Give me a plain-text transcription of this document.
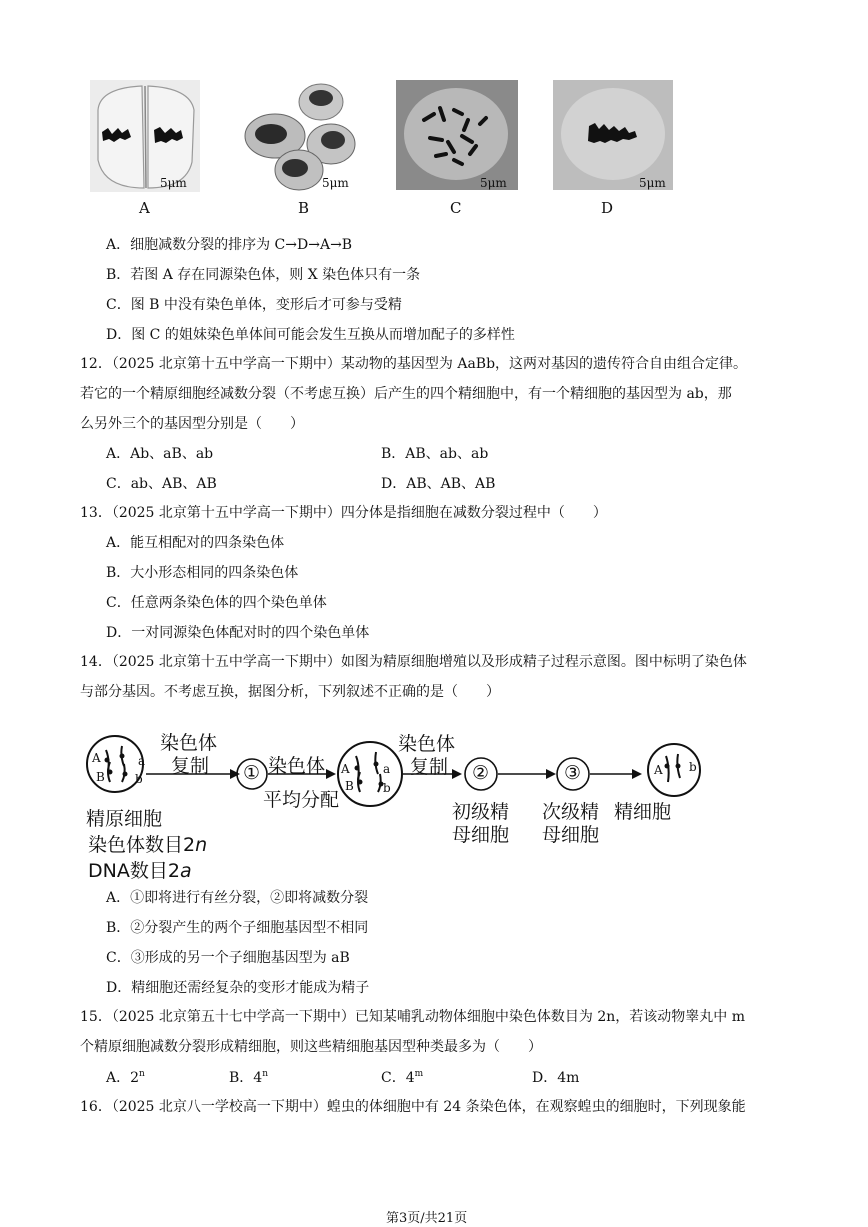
5μm	5μm	5μm	5μm
A	B	C	D
A．细胞减数分裂的排序为 C→D→A→B
B．若图 A 存在同源染色体，则 X 染色体只有一条
C．图 B 中没有染色单体，变形后才可参与受精
D．图 C 的姐妹染色单体间可能会发生互换从而增加配子的多样性
12．（2025 北京第十五中学高一下期中）某动物的基因型为 AaBb，这两对基因的遗传符合自由组合定律。
若它的一个精原细胞经减数分裂（不考虑互换）后产生的四个精细胞中，有一个精细胞的基因型为 ab，那
么另外三个的基因型分别是（　　）
A．Ab、aB、ab	B．AB、ab、ab
C．ab、AB、AB	D．AB、AB、AB
13．（2025 北京第十五中学高一下期中）四分体是指细胞在减数分裂过程中（　　）
A．能互相配对的四条染色体
B．大小形态相同的四条染色体
C．任意两条染色体的四个染色单体
D．一对同源染色体配对时的四个染色单体
14．（2025 北京第十五中学高一下期中）如图为精原细胞增殖以及形成精子过程示意图。图中标明了染色体
与部分基因。不考虑互换，据图分析，下列叙述不正确的是（　　）
A	a
B	b
A	a
B b
A b
染色体
复制 ① 染色体
平均分配
染色体
复制 ②	③
精原细胞
染色体数目2n
DNA数目2a
初级精
母细胞
次级精
母细胞
精细胞
A．①即将进行有丝分裂，②即将减数分裂
B．②分裂产生的两个子细胞基因型不相同
C．③形成的另一个子细胞基因型为 aB
D．精细胞还需经复杂的变形才能成为精子
15．（2025 北京第五十七中学高一下期中）已知某哺乳动物体细胞中染色体数目为 2n，若该动物睾丸中 m
个精原细胞减数分裂形成精细胞，则这些精细胞基因型种类最多为（　　）
A．2$^n$	B．4$^n$	C．4$^m$	D．4m
16．（2025 北京八一学校高一下期中）蝗虫的体细胞中有 24 条染色体，在观察蝗虫的细胞时，下列现象能
第3页/共21页
